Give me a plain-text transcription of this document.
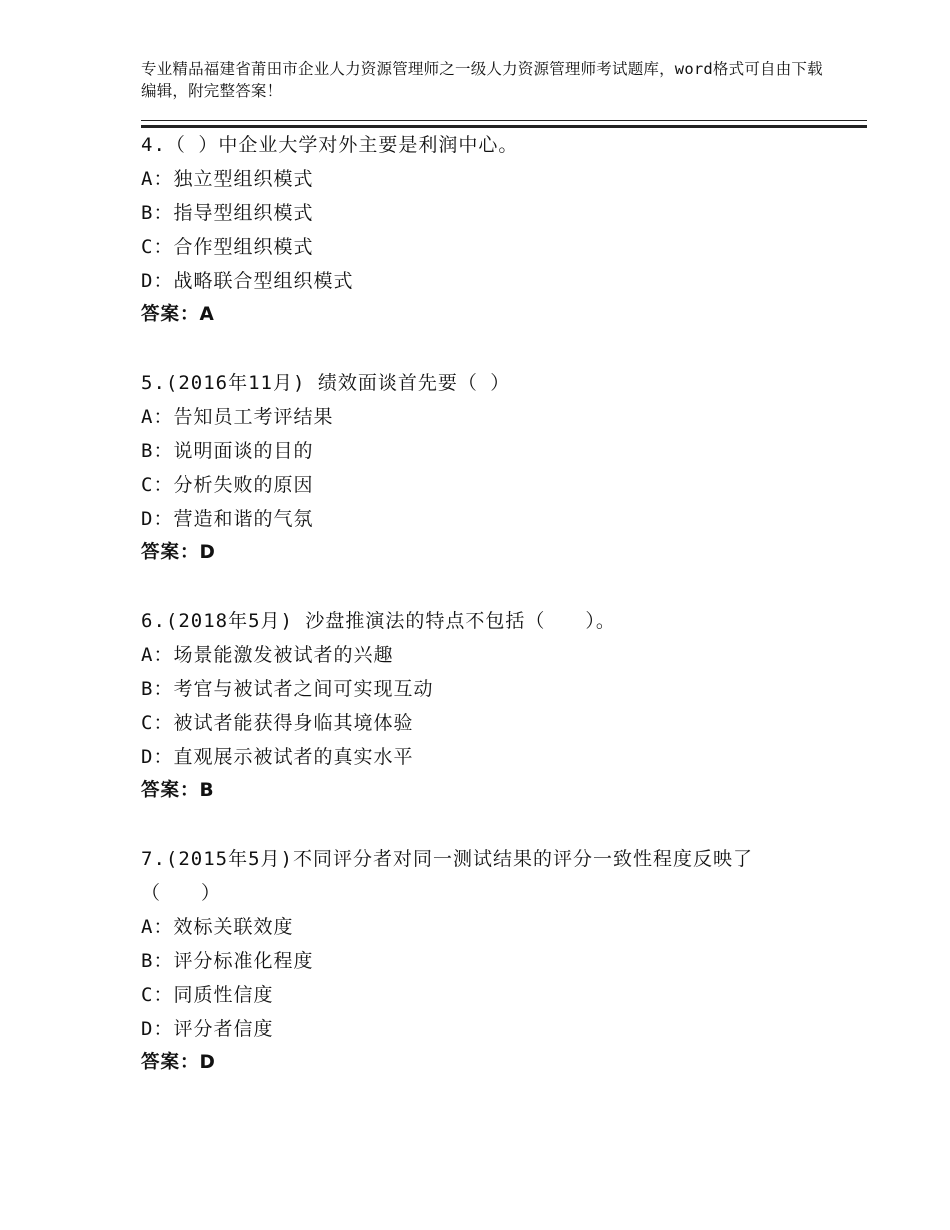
专业精品福建省莆田市企业人力资源管理师之一级人力资源管理师考试题库，word格式可自由下载编辑，附完整答案！
4.（ ）中企业大学对外主要是利润中心。
A：独立型组织模式
B：指导型组织模式
C：合作型组织模式
D：战略联合型组织模式
答案：A
5.(2016年11月) 绩效面谈首先要（ ）
A：告知员工考评结果
B：说明面谈的目的
C：分析失败的原因
D：营造和谐的气氛
答案：D
6.(2018年5月) 沙盘推演法的特点不包括（　　）。
A：场景能激发被试者的兴趣
B：考官与被试者之间可实现互动
C：被试者能获得身临其境体验
D：直观展示被试者的真实水平
答案：B
7.(2015年5月)不同评分者对同一测试结果的评分一致性程度反映了
（　　）
A：效标关联效度
B：评分标准化程度
C：同质性信度
D：评分者信度
答案：D
